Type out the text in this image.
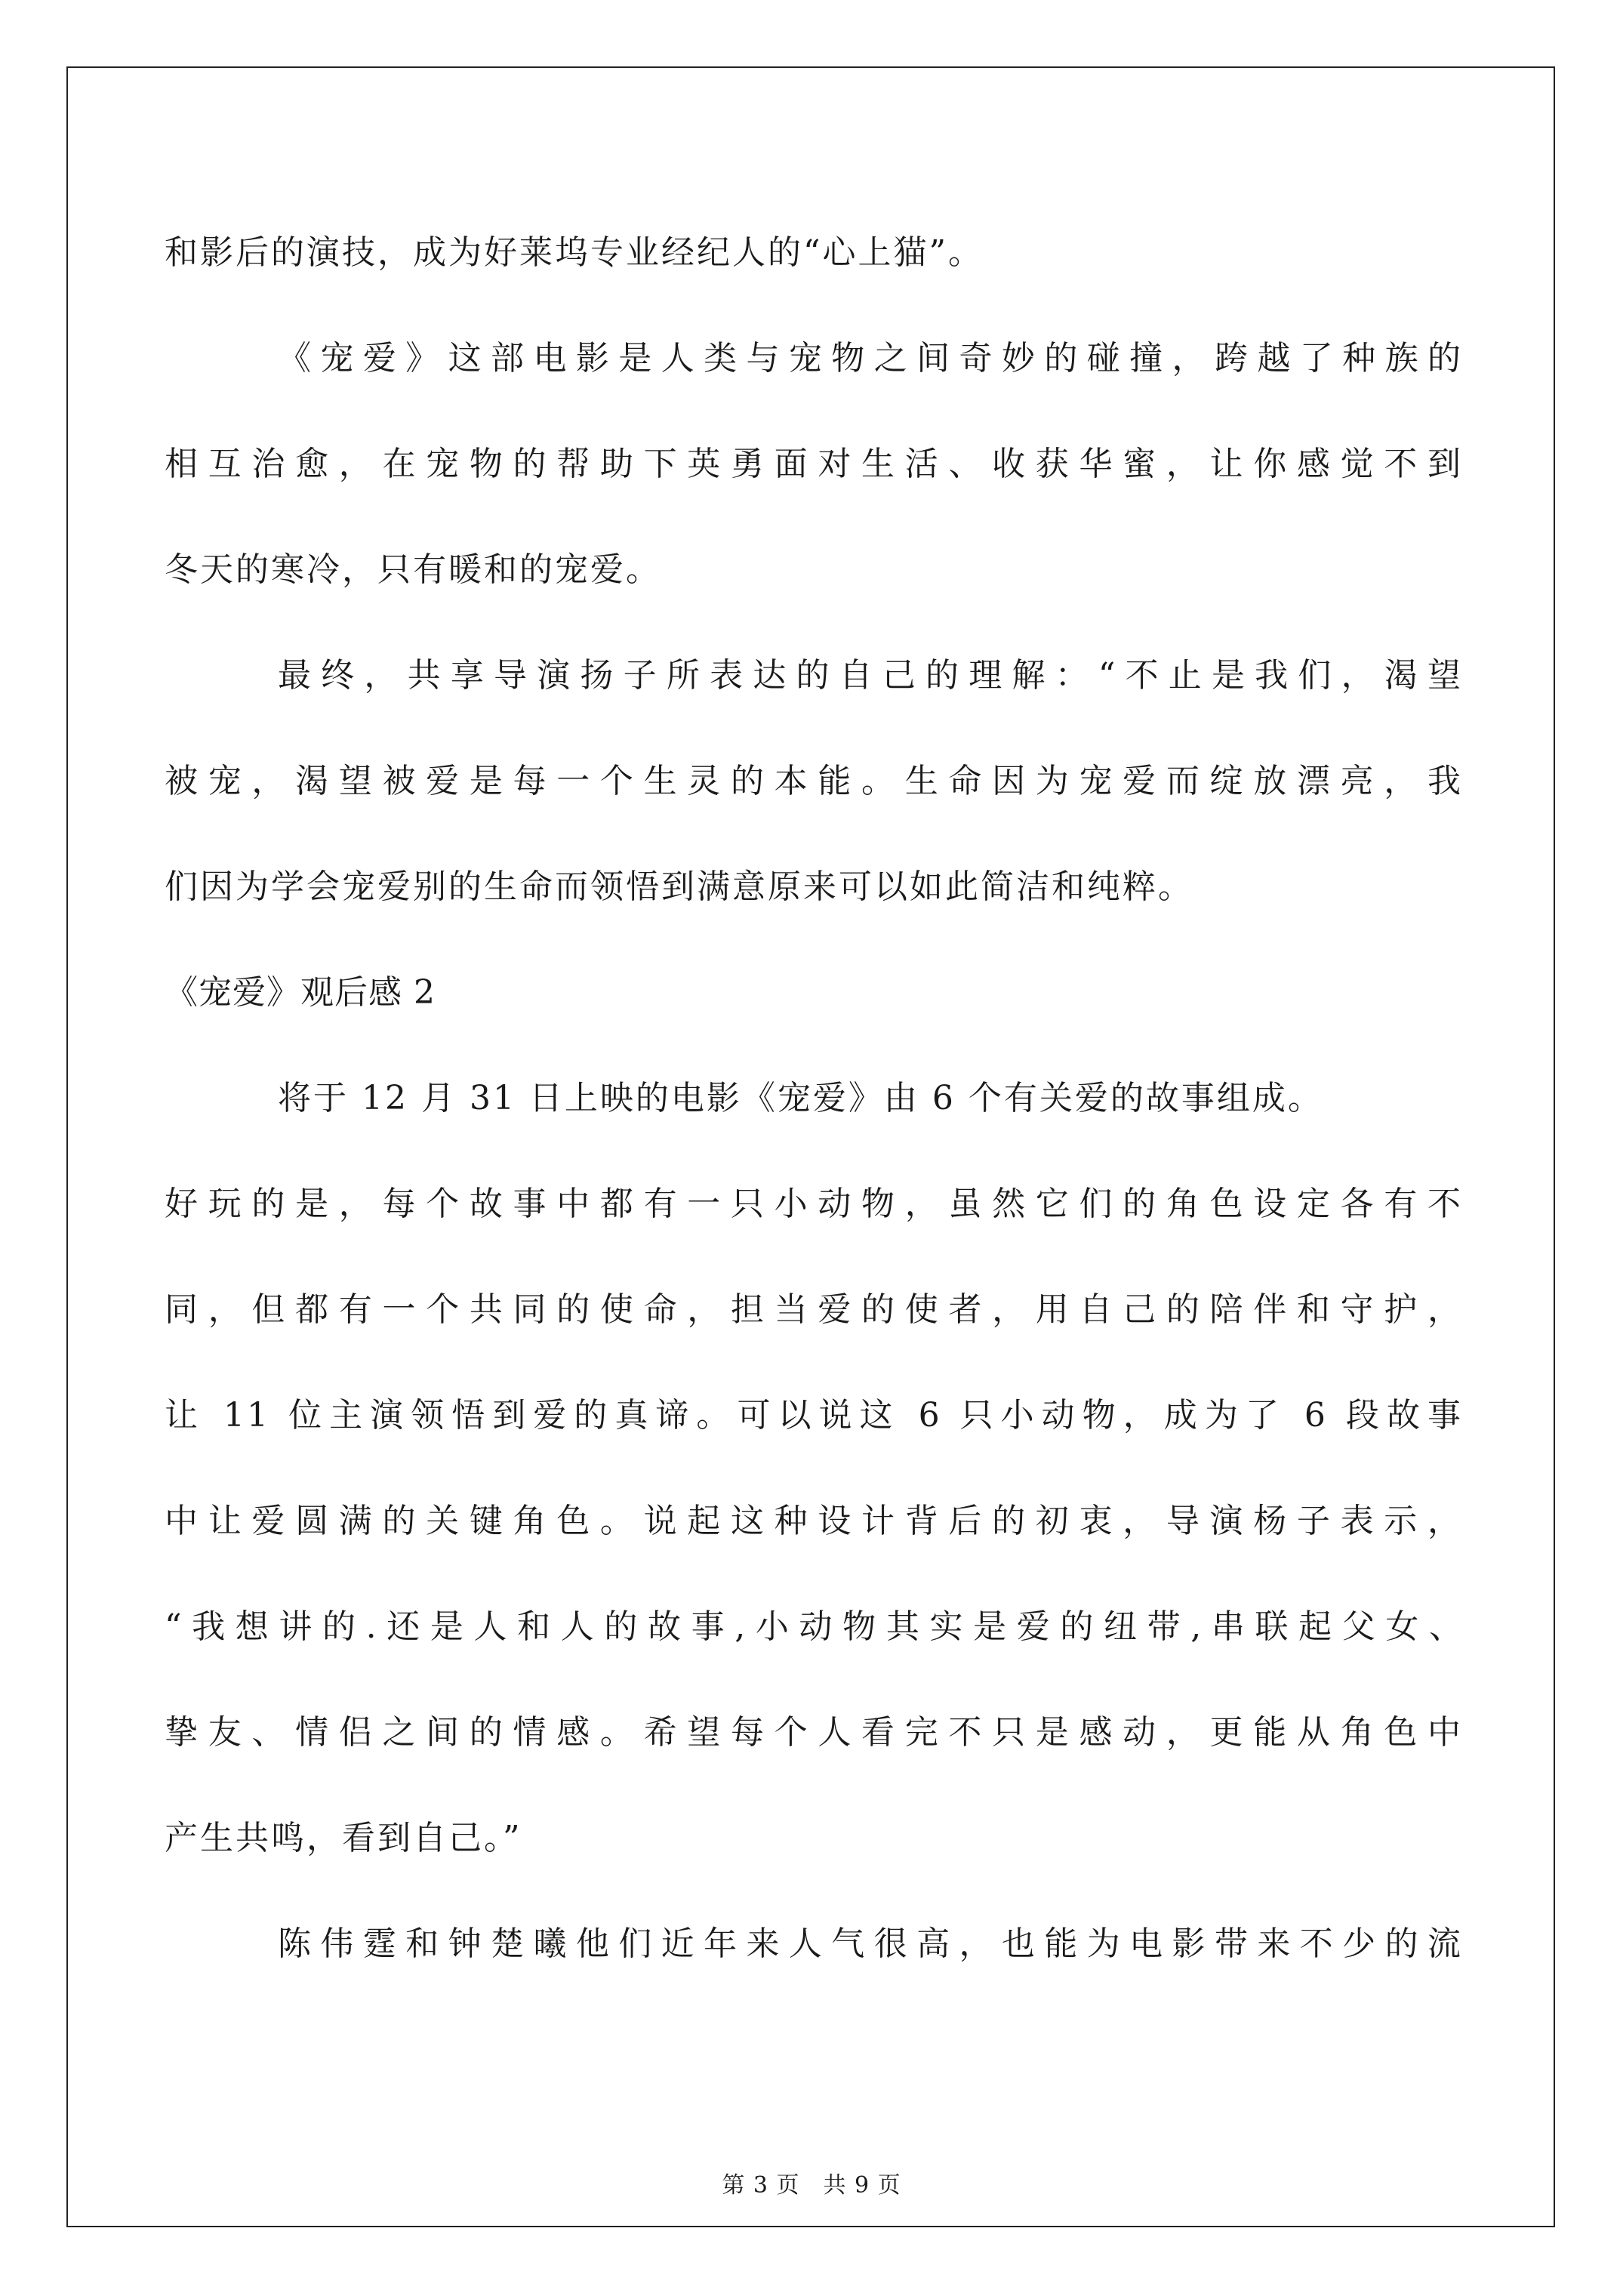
和影后的演技，成为好莱坞专业经纪人的“心上猫”。
《宠爱》这部电影是人类与宠物之间奇妙的碰撞，跨越了种族的
相互治愈，在宠物的帮助下英勇面对生活、收获华蜜，让你感觉不到
冬天的寒冷，只有暖和的宠爱。
最终，共享导演扬子所表达的自己的理解：“不止是我们，渴望
被宠，渴望被爱是每一个生灵的本能。生命因为宠爱而绽放漂亮，我
们因为学会宠爱别的生命而领悟到满意原来可以如此简洁和纯粹。
《宠爱》观后感 2
将于 12 月 31 日上映的电影《宠爱》由 6 个有关爱的故事组成。
好玩的是，每个故事中都有一只小动物，虽然它们的角色设定各有不
同，但都有一个共同的使命，担当爱的使者，用自己的陪伴和守护，
让 11 位主演领悟到爱的真谛。可以说这 6 只小动物，成为了 6 段故事
中让爱圆满的关键角色。说起这种设计背后的初衷，导演杨子表示，
“我想讲的.还是人和人的故事,小动物其实是爱的纽带,串联起父女、
挚友、情侣之间的情感。希望每个人看完不只是感动，更能从角色中
产生共鸣，看到自己。”
陈伟霆和钟楚曦他们近年来人气很高，也能为电影带来不少的流
第 3 页　共 9 页
